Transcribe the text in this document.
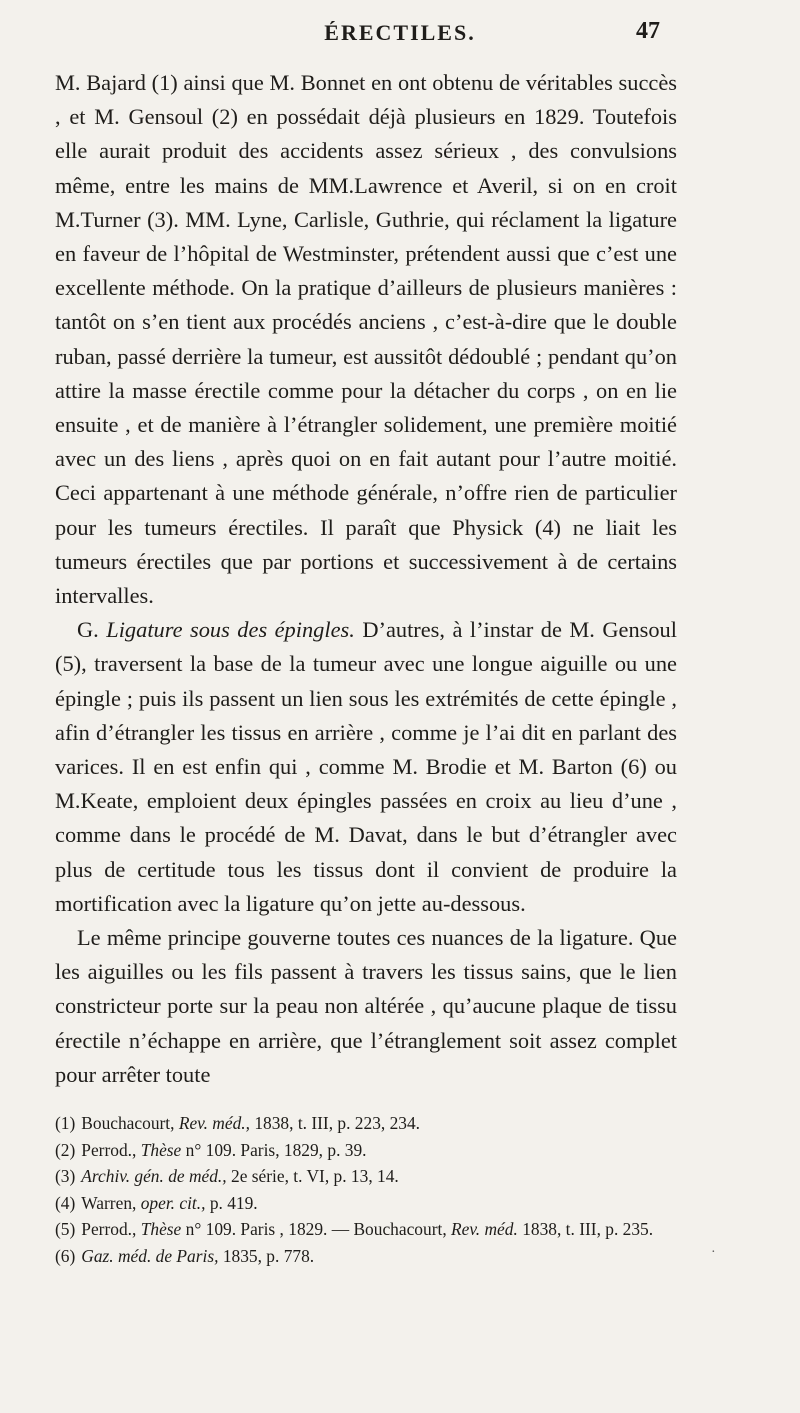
ÉRECTILES.	47

M. Bajard (1) ainsi que M. Bonnet en ont obtenu de véritables succès , et M. Gensoul (2) en possédait déjà plusieurs en 1829. Toutefois elle aurait produit des accidents assez sérieux , des convulsions même, entre les mains de MM.Lawrence et Averil, si on en croit M.Turner (3). MM. Lyne, Carlisle, Guthrie, qui réclament la ligature en faveur de l’hôpital de Westminster, prétendent aussi que c’est une excellente méthode. On la pratique d’ailleurs de plusieurs manières : tantôt on s’en tient aux procédés anciens , c’est-à-dire que le double ruban, passé derrière la tumeur, est aussitôt dédoublé ; pendant qu’on attire la masse érectile comme pour la détacher du corps , on en lie ensuite , et de manière à l’étrangler solidement, une première moitié avec un des liens , après quoi on en fait autant pour l’autre moitié. Ceci appartenant à une méthode générale, n’offre rien de particulier pour les tumeurs érectiles. Il paraît que Physick (4) ne liait les tumeurs érectiles que par portions et successivement à de certains intervalles.

G. Ligature sous des épingles. D’autres, à l’instar de M. Gensoul (5), traversent la base de la tumeur avec une longue aiguille ou une épingle ; puis ils passent un lien sous les extrémités de cette épingle , afin d’étrangler les tissus en arrière , comme je l’ai dit en parlant des varices. Il en est enfin qui , comme M. Brodie et M. Barton (6) ou M.Keate, emploient deux épingles passées en croix au lieu d’une , comme dans le procédé de M. Davat, dans le but d’étrangler avec plus de certitude tous les tissus dont il convient de produire la mortification avec la ligature qu’on jette au-dessous.

Le même principe gouverne toutes ces nuances de la ligature. Que les aiguilles ou les fils passent à travers les tissus sains, que le lien constricteur porte sur la peau non altérée , qu’aucune plaque de tissu érectile n’échappe en arrière, que l’étranglement soit assez complet pour arrêter toute

(1) Bouchacourt, Rev. méd., 1838, t. III, p. 223, 234.

(2) Perrod., Thèse n° 109. Paris, 1829, p. 39.

(3) Archiv. gén. de méd., 2e série, t. VI, p. 13, 14.

(4) Warren, oper. cit., p. 419.

(5) Perrod., Thèse n° 109. Paris , 1829. — Bouchacourt, Rev. méd. 1838, t. III, p. 235.

(6) Gaz. méd. de Paris, 1835, p. 778.	·
